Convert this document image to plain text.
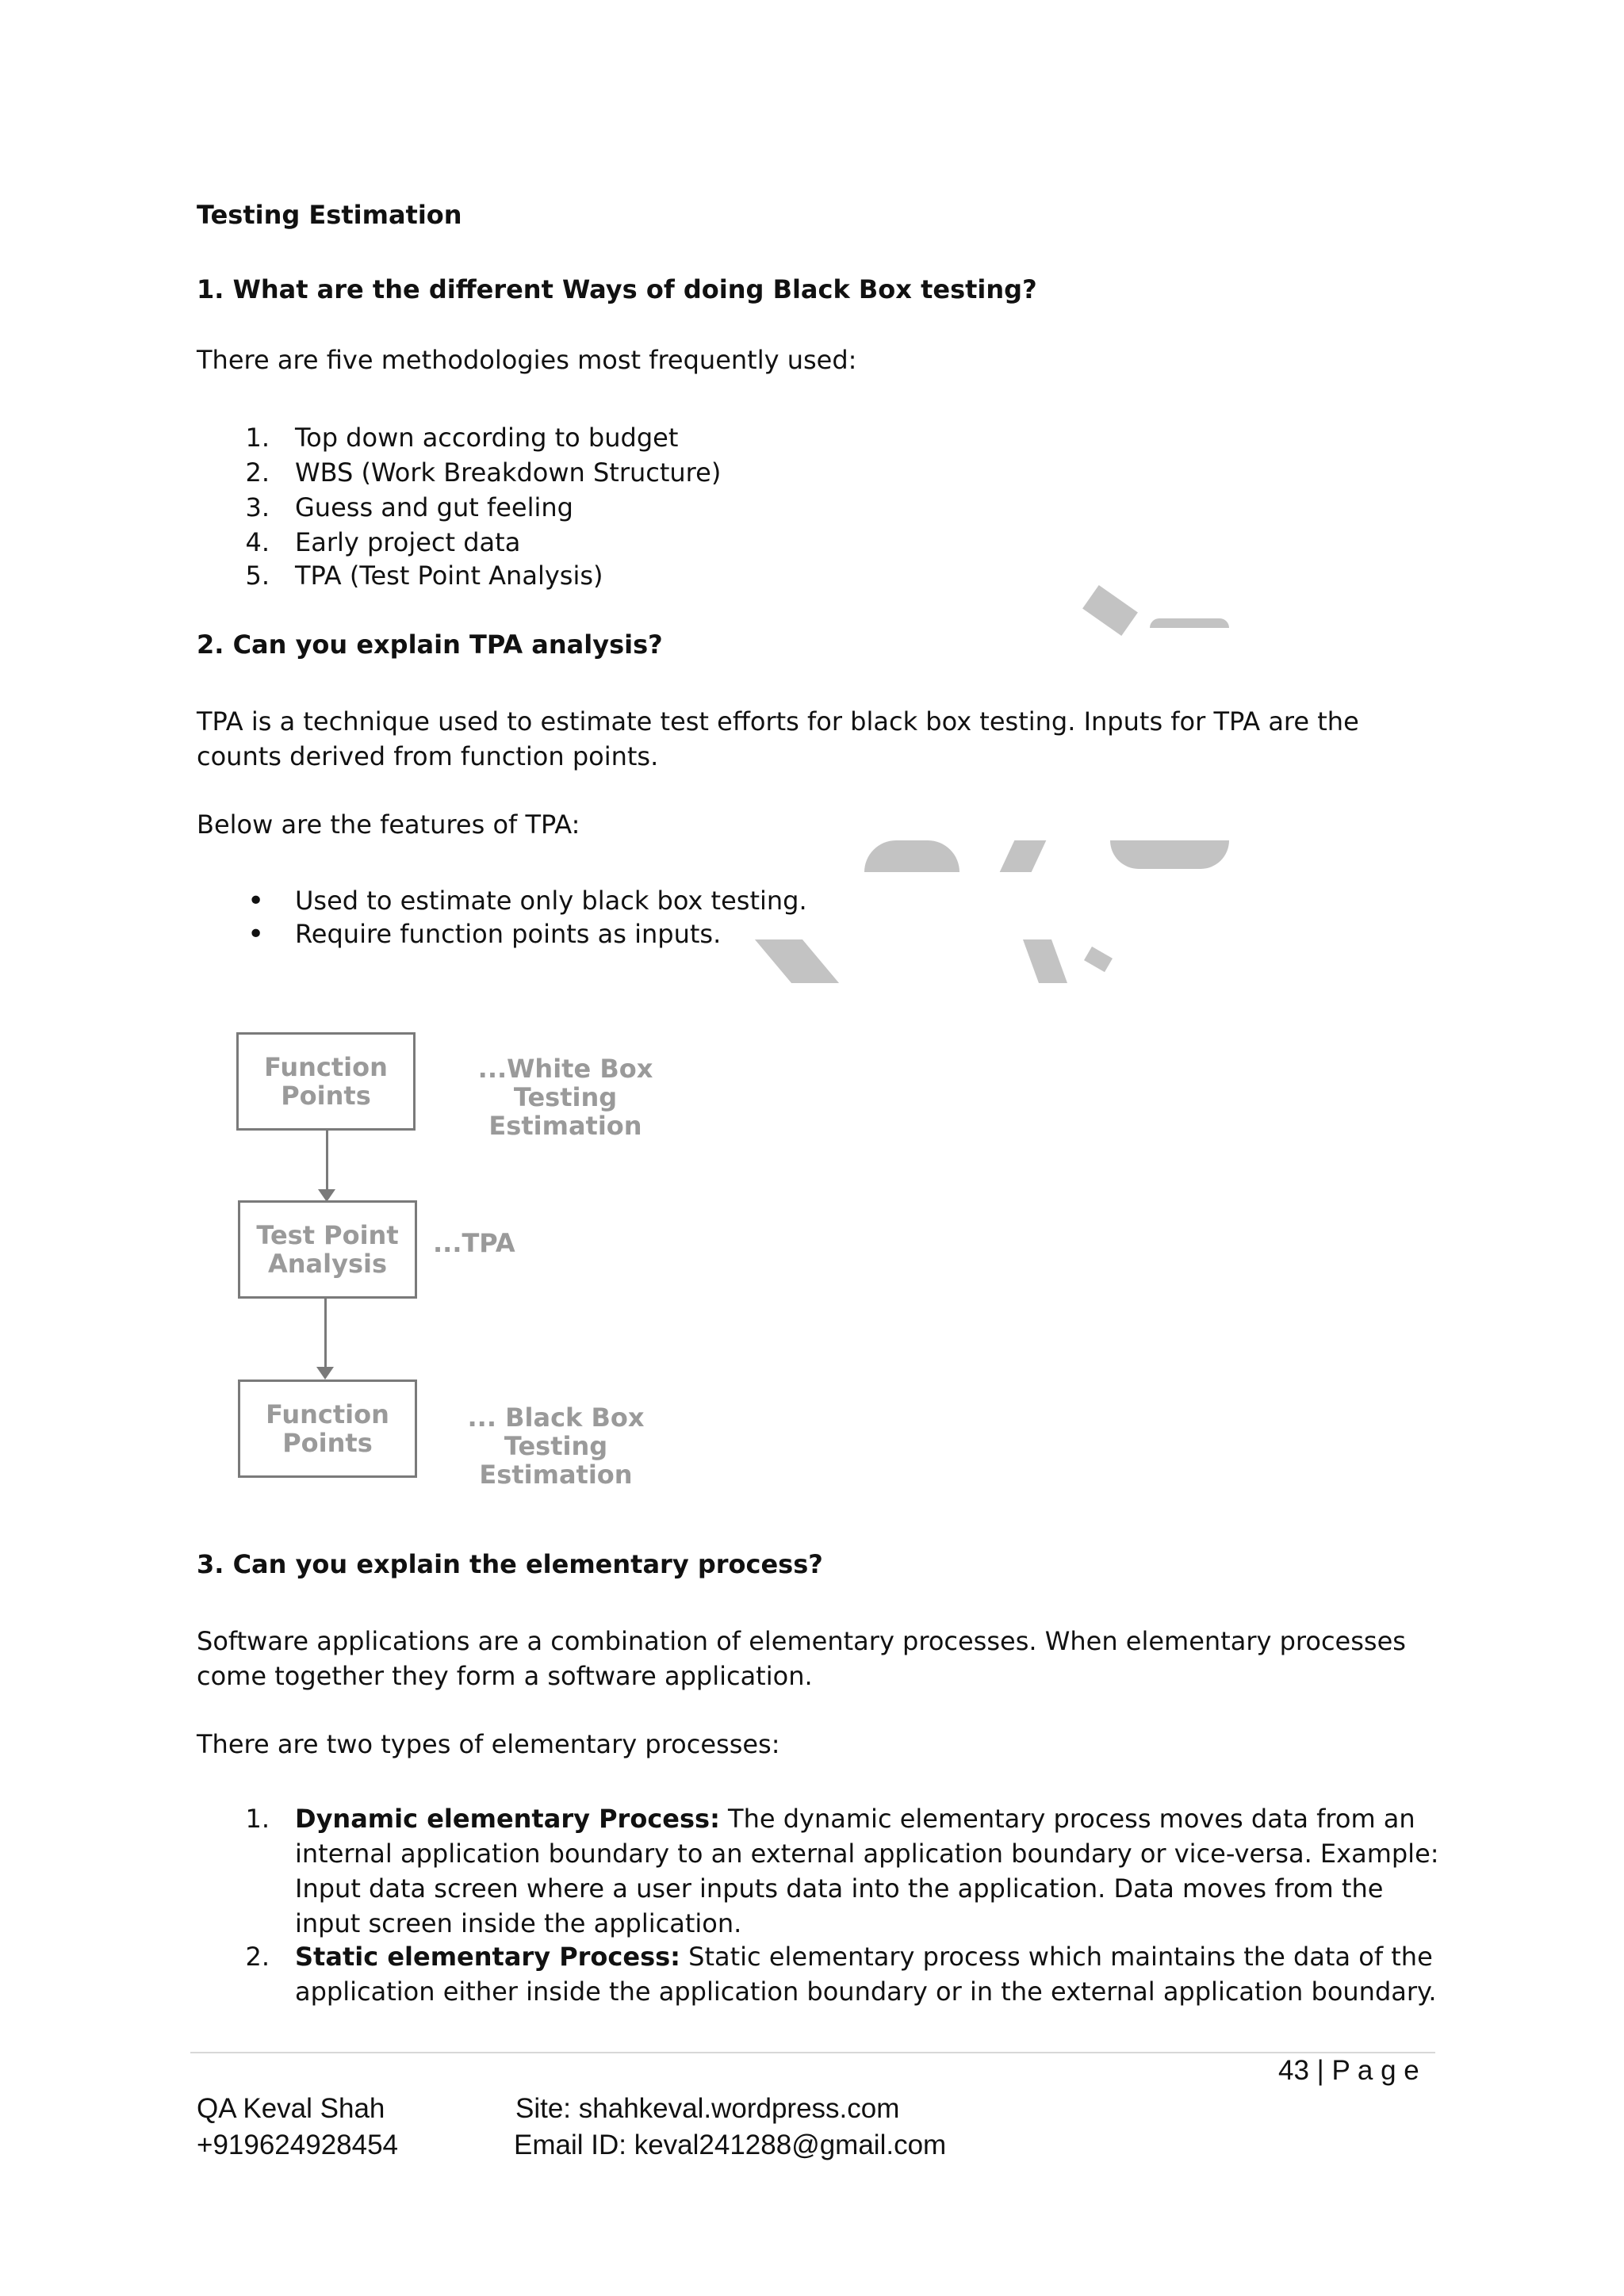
Testing Estimation
1. What are the different Ways of doing Black Box testing?
There are five methodologies most frequently used:
1. Top down according to budget
2. WBS (Work Breakdown Structure)
3. Guess and gut feeling
4. Early project data
5. TPA (Test Point Analysis)
2. Can you explain TPA analysis?
TPA is a technique used to estimate test efforts for black box testing. Inputs for TPA are the counts derived from function points.
Below are the features of TPA:
•
Used to estimate only black box testing.
•
Require function points as inputs.
Function
Points
...White Box Testing
Estimation
Test Point
Analysis
...TPA
Function
Points
... Black Box Testing
Estimation
3. Can you explain the elementary process?
Software applications are a combination of elementary processes. When elementary processes come together they form a software application.
There are two types of elementary processes:
1. Dynamic elementary Process: The dynamic elementary process moves data from an internal application boundary to an external application boundary or vice-versa. Example: Input data screen where a user inputs data into the application. Data moves from the input screen inside the application.
2. Static elementary Process: Static elementary process which maintains the data of the application either inside the application boundary or in the external application boundary.
43 | P a g e
QA Keval Shah
+919624928454
Site: shahkeval.wordpress.com
Email ID: keval241288@gmail.com
